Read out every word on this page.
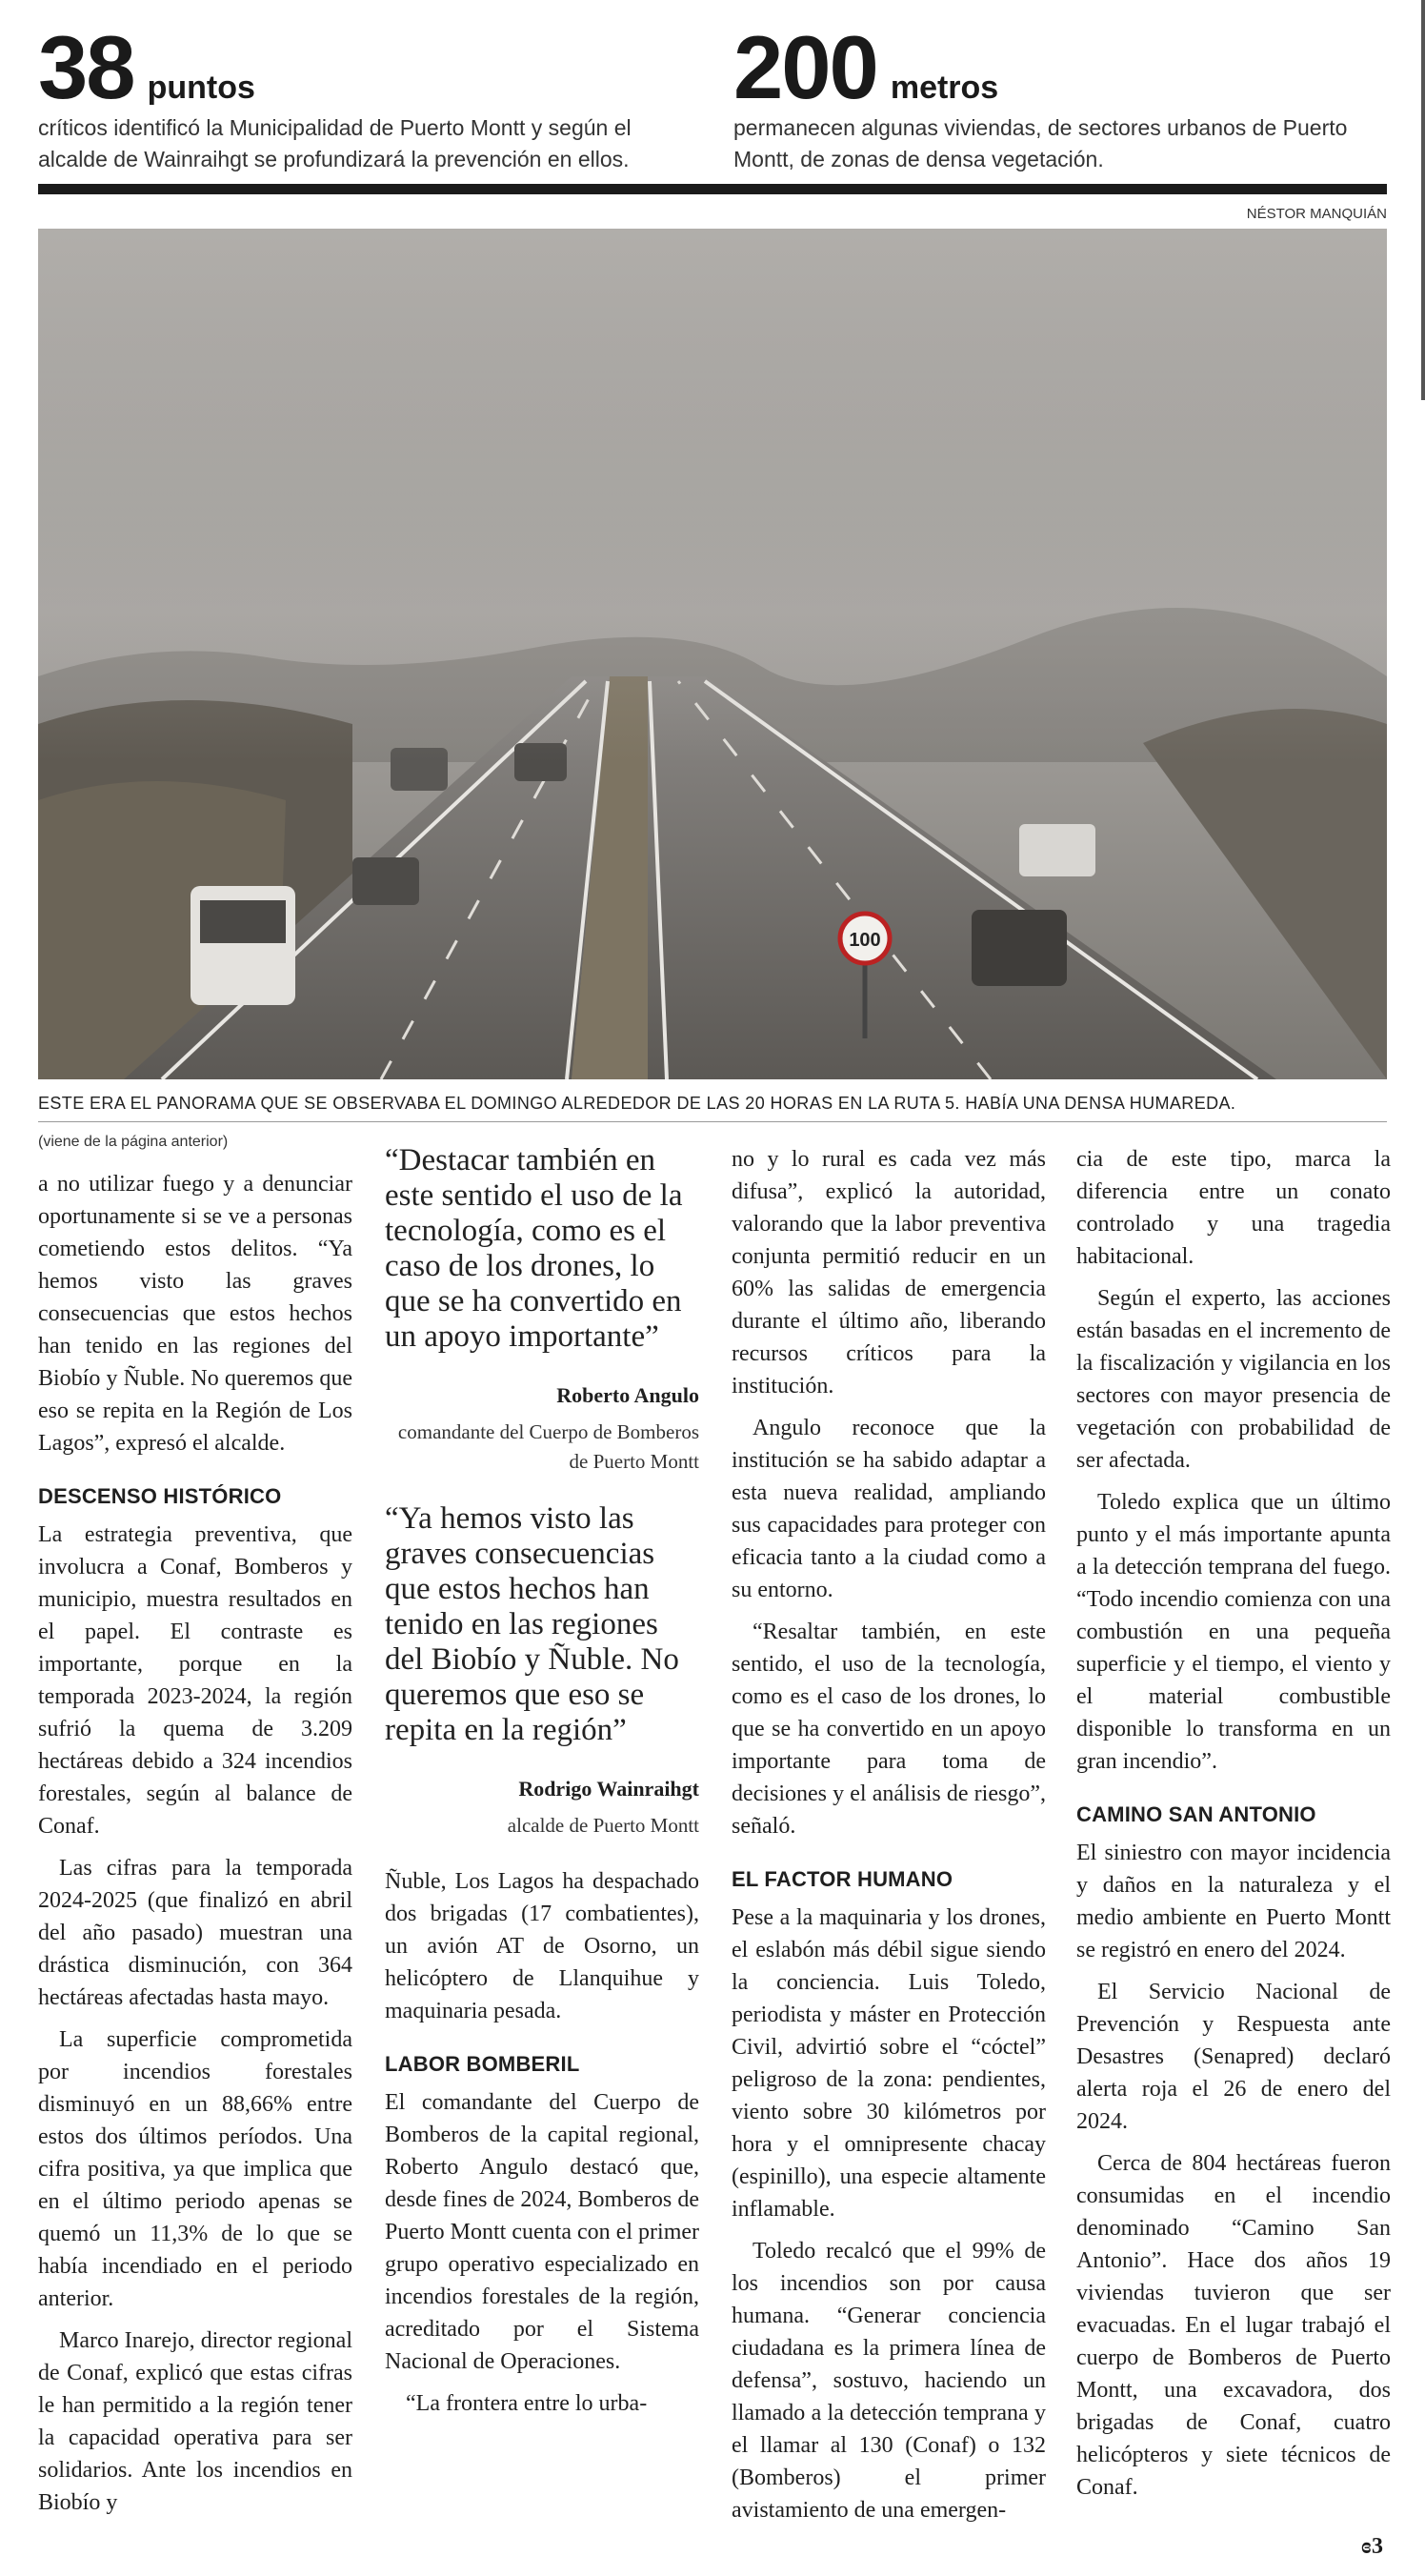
38 puntos
críticos identificó la Municipalidad de Puerto Montt y según el alcalde de Wainraihgt se profundizará la prevención en ellos.
200 metros
permanecen algunas viviendas, de sectores urbanos de Puerto Montt, de zonas de densa vegetación.
NÉSTOR MANQUIÁN
100
ESTE ERA EL PANORAMA QUE SE OBSERVABA EL DOMINGO ALREDEDOR DE LAS 20 HORAS EN LA RUTA 5. HABÍA UNA DENSA HUMAREDA.
(viene de la página anterior)

a no utilizar fuego y a denunciar oportunamente si se ve a personas cometiendo estos delitos. “Ya hemos visto las graves consecuencias que estos hechos han tenido en las regiones del Biobío y Ñuble. No queremos que eso se repita en la Región de Los Lagos”, expresó el alcalde.

DESCENSO HISTÓRICO

La estrategia preventiva, que involucra a Conaf, Bomberos y municipio, muestra resultados en el papel. El contraste es importante, porque en la temporada 2023-2024, la región sufrió la quema de 3.209 hectáreas debido a 324 incendios forestales, según al balance de Conaf.

Las cifras para la temporada 2024-2025 (que finalizó en abril del año pasado) muestran una drástica disminución, con 364 hectáreas afectadas hasta mayo.

La superficie comprometida por incendios forestales disminuyó en un 88,66% entre estos dos últimos períodos. Una cifra positiva, ya que implica que en el último periodo apenas se quemó un 11,3% de lo que se había incendiado en el periodo anterior.

Marco Inarejo, director regional de Conaf, explicó que estas cifras le han permitido a la región tener la capacidad operativa para ser solidarios. Ante los incendios en Biobío y

“Destacar también en este sentido el uso de la tecnología, como es el caso de los drones, lo que se ha convertido en un apoyo importante”
Roberto Angulo
comandante del Cuerpo de Bomberos de Puerto Montt
“Ya hemos visto las graves consecuencias que estos hechos han tenido en las regiones del Biobío y Ñuble. No queremos que eso se repita en la región”
Rodrigo Wainraihgt
alcalde de Puerto Montt

Ñuble, Los Lagos ha despachado dos brigadas (17 combatientes), un avión AT de Osorno, un helicóptero de Llanquihue y maquinaria pesada.

LABOR BOMBERIL

El comandante del Cuerpo de Bomberos de la capital regional, Roberto Angulo destacó que, desde fines de 2024, Bomberos de Puerto Montt cuenta con el primer grupo operativo especializado en incendios forestales de la región, acreditado por el Sistema Nacional de Operaciones.

“La frontera entre lo urba-

no y lo rural es cada vez más difusa”, explicó la autoridad, valorando que la labor preventiva conjunta permitió reducir en un 60% las salidas de emergencia durante el último año, liberando recursos críticos para la institución.

Angulo reconoce que la institución se ha sabido adaptar a esta nueva realidad, ampliando sus capacidades para proteger con eficacia tanto a la ciudad como a su entorno.

“Resaltar también, en este sentido, el uso de la tecnología, como es el caso de los drones, lo que se ha convertido en un apoyo importante para toma de decisiones y el análisis de riesgo”, señaló.

EL FACTOR HUMANO

Pese a la maquinaria y los drones, el eslabón más débil sigue siendo la conciencia. Luis Toledo, periodista y máster en Protección Civil, advirtió sobre el “cóctel” peligroso de la zona: pendientes, viento sobre 30 kilómetros por hora y el omnipresente chacay (espinillo), una especie altamente inflamable.

Toledo recalcó que el 99% de los incendios son por causa humana. “Generar conciencia ciudadana es la primera línea de defensa”, sostuvo, haciendo un llamado a la detección temprana y el llamar al 130 (Conaf) o 132 (Bomberos) el primer avistamiento de una emergen-

cia de este tipo, marca la diferencia entre un conato controlado y una tragedia habitacional.

Según el experto, las acciones están basadas en el incremento de la fiscalización y vigilancia en los sectores con mayor presencia de vegetación con probabilidad de ser afectada.

Toledo explica que un último punto y el más importante apunta a la detección temprana del fuego. “Todo incendio comienza con una combustión en una pequeña superficie y el tiempo, el viento y el material combustible disponible lo transforma en un gran incendio”.

CAMINO SAN ANTONIO

El siniestro con mayor incidencia y daños en la naturaleza y el medio ambiente en Puerto Montt se registró en enero del 2024.

El Servicio Nacional de Prevención y Respuesta ante Desastres (Senapred) declaró alerta roja el 26 de enero del 2024.

Cerca de 804 hectáreas fueron consumidas en el incendio denominado “Camino San Antonio”. Hace dos años 19 viviendas tuvieron que ser evacuadas. En el lugar trabajó el cuerpo de Bomberos de Puerto Montt, una excavadora, dos brigadas de Conaf, cuatro helicópteros y siete técnicos de Conaf.

ɞ3
